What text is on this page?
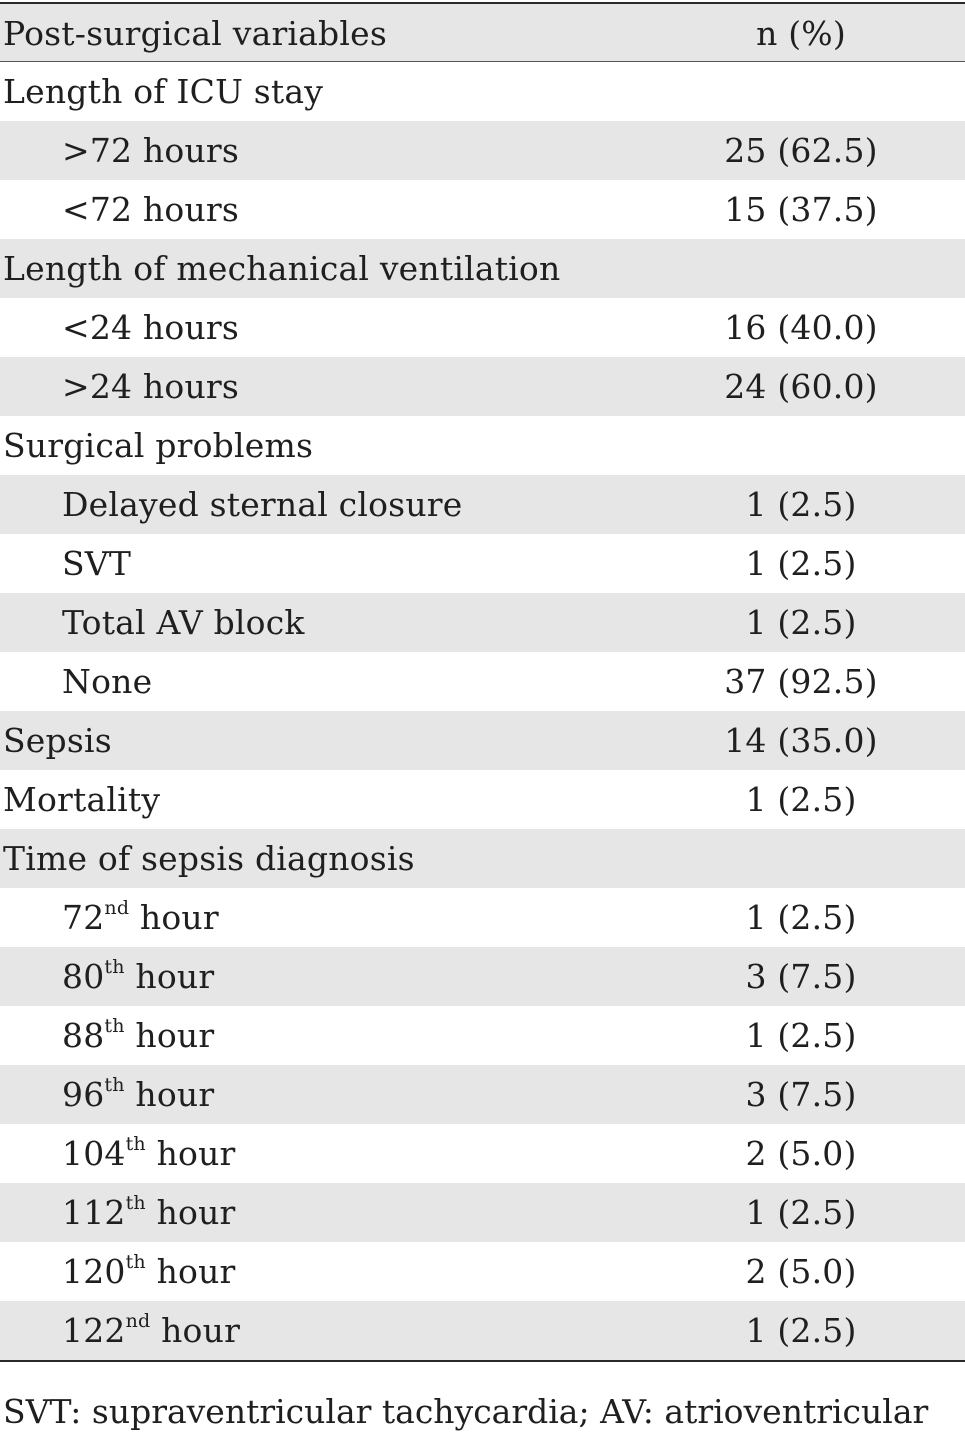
Post-surgical variables	n (%)
Length of ICU stay
>72 hours	25 (62.5)
<72 hours	15 (37.5)
Length of mechanical ventilation
<24 hours	16 (40.0)
>24 hours	24 (60.0)
Surgical problems
Delayed sternal closure	1 (2.5)
SVT	1 (2.5)
Total AV block	1 (2.5)
None	37 (92.5)
Sepsis	14 (35.0)
Mortality	1 (2.5)
Time of sepsis diagnosis
72nd hour	1 (2.5)
80th hour	3 (7.5)
88th hour	1 (2.5)
96th hour	3 (7.5)
104th hour	2 (5.0)
112th hour	1 (2.5)
120th hour	2 (5.0)
122nd hour	1 (2.5)
SVT: supraventricular tachycardia; AV: atrioventricular
